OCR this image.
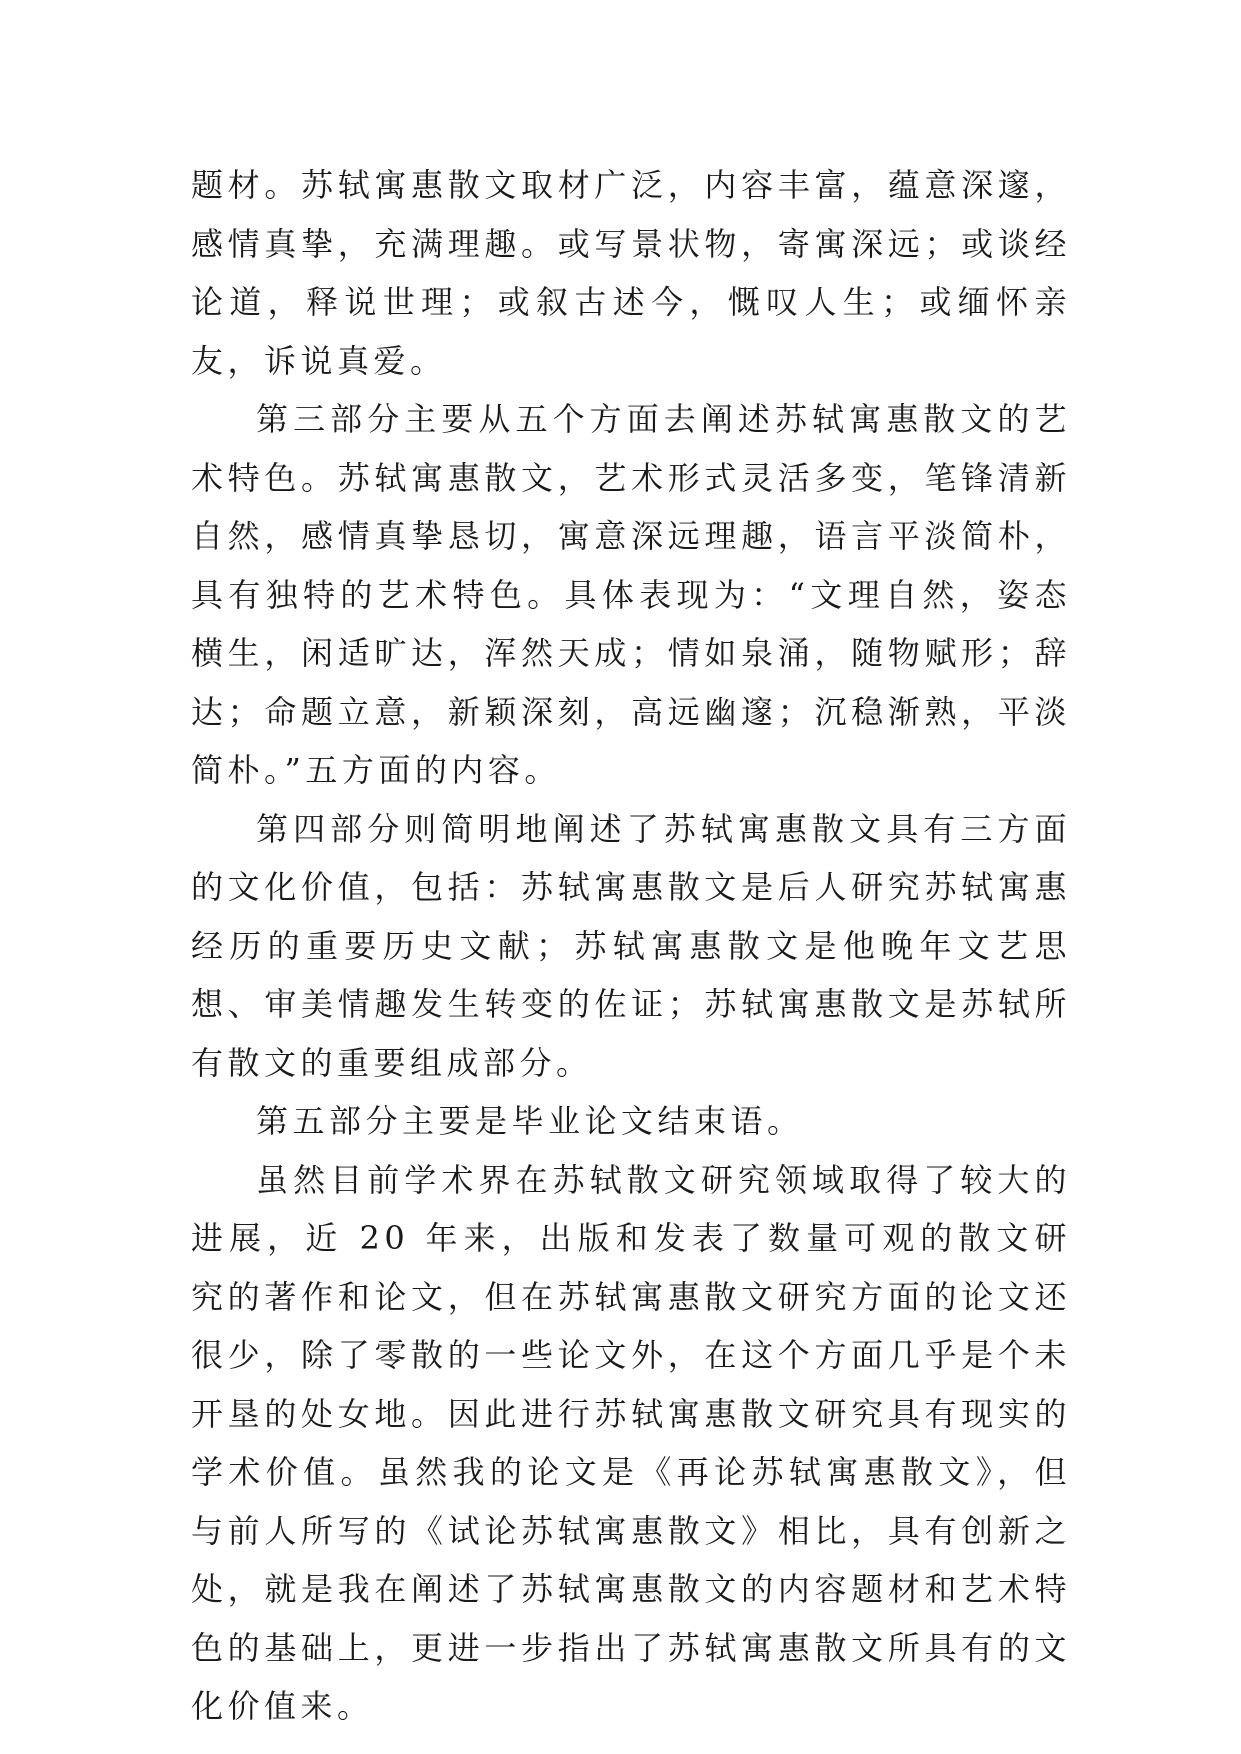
题材。苏轼寓惠散文取材广泛，内容丰富，蕴意深邃，感情真挚，充满理趣。或写景状物，寄寓深远；或谈经论道，释说世理；或叙古述今，慨叹人生；或缅怀亲友，诉说真爱。

第三部分主要从五个方面去阐述苏轼寓惠散文的艺术特色。苏轼寓惠散文，艺术形式灵活多变，笔锋清新自然，感情真挚恳切，寓意深远理趣，语言平淡简朴，具有独特的艺术特色。具体表现为：“文理自然，姿态横生，闲适旷达，浑然天成；情如泉涌，随物赋形；辞达；命题立意，新颖深刻，高远幽邃；沉稳渐熟，平淡简朴。”五方面的内容。

第四部分则简明地阐述了苏轼寓惠散文具有三方面的文化价值，包括：苏轼寓惠散文是后人研究苏轼寓惠经历的重要历史文献；苏轼寓惠散文是他晚年文艺思想、审美情趣发生转变的佐证；苏轼寓惠散文是苏轼所有散文的重要组成部分。

第五部分主要是毕业论文结束语。

虽然目前学术界在苏轼散文研究领域取得了较大的进展，近 20 年来，出版和发表了数量可观的散文研究的著作和论文，但在苏轼寓惠散文研究方面的论文还很少，除了零散的一些论文外，在这个方面几乎是个未开垦的处女地。因此进行苏轼寓惠散文研究具有现实的学术价值。虽然我的论文是《再论苏轼寓惠散文》，但与前人所写的《试论苏轼寓惠散文》相比，具有创新之处，就是我在阐述了苏轼寓惠散文的内容题材和艺术特色的基础上，更进一步指出了苏轼寓惠散文所具有的文化价值来。
